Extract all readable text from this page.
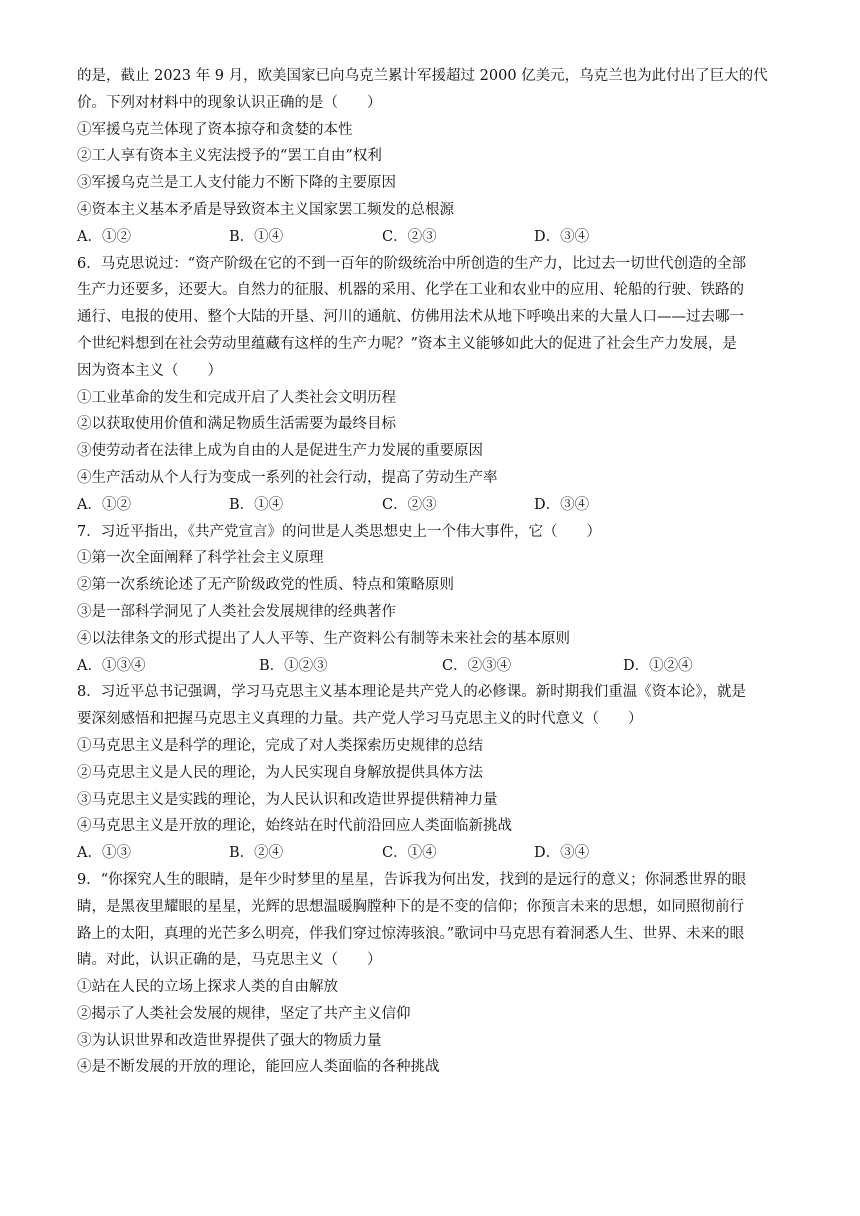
的是，截止 2023 年 9 月，欧美国家已向乌克兰累计军援超过 2000 亿美元，乌克兰也为此付出了巨大的代
价。下列对材料中的现象认识正确的是（　　）
①军援乌克兰体现了资本掠夺和贪婪的本性
②工人享有资本主义宪法授予的“罢工自由”权利
③军援乌克兰是工人支付能力不断下降的主要原因
④资本主义基本矛盾是导致资本主义国家罢工频发的总根源
A．①②	B．①④	C．②③	D．③④
6．马克思说过：“资产阶级在它的不到一百年的阶级统治中所创造的生产力，比过去一切世代创造的全部
生产力还要多，还要大。自然力的征服、机器的采用、化学在工业和农业中的应用、轮船的行驶、铁路的
通行、电报的使用、整个大陆的开垦、河川的通航、仿佛用法术从地下呼唤出来的大量人口——过去哪一
个世纪料想到在社会劳动里蕴藏有这样的生产力呢？”资本主义能够如此大的促进了社会生产力发展，是
因为资本主义（　　）
①工业革命的发生和完成开启了人类社会文明历程
②以获取使用价值和满足物质生活需要为最终目标
③使劳动者在法律上成为自由的人是促进生产力发展的重要原因
④生产活动从个人行为变成一系列的社会行动，提高了劳动生产率
A．①②	B．①④	C．②③	D．③④
7．习近平指出，《共产党宣言》的问世是人类思想史上一个伟大事件，它（　　）
①第一次全面阐释了科学社会主义原理
②第一次系统论述了无产阶级政党的性质、特点和策略原则
③是一部科学洞见了人类社会发展规律的经典著作
④以法律条文的形式提出了人人平等、生产资料公有制等未来社会的基本原则
A．①③④	B．①②③	C．②③④	D．①②④
8．习近平总书记强调，学习马克思主义基本理论是共产党人的必修课。新时期我们重温《资本论》，就是
要深刻感悟和把握马克思主义真理的力量。共产党人学习马克思主义的时代意义（　　）
①马克思主义是科学的理论，完成了对人类探索历史规律的总结
②马克思主义是人民的理论，为人民实现自身解放提供具体方法
③马克思主义是实践的理论，为人民认识和改造世界提供精神力量
④马克思主义是开放的理论，始终站在时代前沿回应人类面临新挑战
A．①③	B．②④	C．①④	D．③④
9．“你探究人生的眼睛，是年少时梦里的星星，告诉我为何出发，找到的是远行的意义；你洞悉世界的眼
睛，是黑夜里耀眼的星星，光辉的思想温暖胸膛种下的是不变的信仰；你预言未来的思想，如同照彻前行
路上的太阳，真理的光芒多么明亮，伴我们穿过惊涛骇浪。”歌词中马克思有着洞悉人生、世界、未来的眼
睛。对此，认识正确的是，马克思主义（　　）
①站在人民的立场上探求人类的自由解放
②揭示了人类社会发展的规律，坚定了共产主义信仰
③为认识世界和改造世界提供了强大的物质力量
④是不断发展的开放的理论，能回应人类面临的各种挑战
